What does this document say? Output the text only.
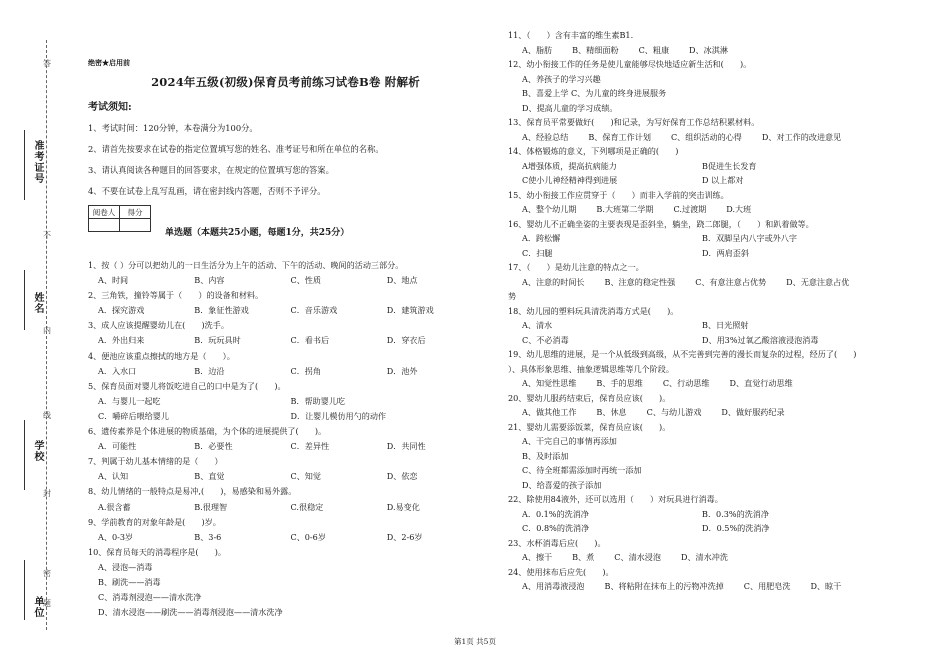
准考证号
姓名
学校
单位
答
不
内
线
封
密
题
绝密★启用前
2024年五级(初级)保育员考前练习试卷B卷 附解析
考试须知:
1、考试时间：120分钟，本卷满分为100分。
2、请首先按要求在试卷的指定位置填写您的姓名、准考证号和所在单位的名称。
3、请认真阅读各种题目的回答要求，在规定的位置填写您的答案。
4、不要在试卷上乱写乱画，请在密封线内答题，否则不予评分。
阅卷人	得分

单选题（本题共25小题，每题1分，共25分）
1、按（ ）分可以把幼儿的一日生活分为上午的活动、下午的活动、晚间的活动三部分。
A、时间	B、内容	C、性质	D、地点
2、三角铁，撞铃等属于（　　）的设备和材料。
A．探究游戏	B．象征性游戏	C．音乐游戏	D．建筑游戏
3、成人应该提醒婴幼儿在(　　)洗手。
A．外出归来	B．玩玩具时	C．看书后	D．穿衣后
4、便池应该重点擦拭的地方是（　　）。
A．入水口	B．边沿	C．拐角	D．池外
5、保育员面对婴儿将饭吃进自己的口中是为了(　　)。
A．与婴儿一起吃	B．帮助婴儿吃
C．嚼碎后喂给婴儿	D．让婴儿模仿用勺的动作
6、遗传素养是个体进展的物质基础，为个体的进展提供了(　　)。
A．可能性	B．必要性	C．差异性	D．共同性
7、判属于幼儿基本情绪的是（　　）
A、认知	B、直觉	C、知觉	D、依恋
8、幼儿情绪的一般特点是易冲,(　　)，易感染和易外露。
A.很含蓄	B.很理智	C.很稳定	D.易变化
9、学前教育的对象年龄是(　　)岁。
A、0-3岁	B、3-6	C、0-6岁	D、2-6岁
10、保育员每天的消毒程序是(　　)。
A、浸泡—消毒
B、刷洗——消毒
C、消毒剂浸泡——清水洗净
D、清水浸泡——刷洗——消毒剂浸泡——清水洗净
11、（　　）含有丰富的维生素B1.
A、脂肪 B、精细面粉 C、粗康 D、冰淇淋
12、幼小衔接工作的任务是使儿童能够尽快地适应新生活和(　　)。
A、养孩子的学习兴趣
B、喜爱上学 C、为儿童的终身进展服务
D、提高儿童的学习成绩。
13、保育员平常要做好(　　)和记录，为写好保育工作总结积累材料。
A、经验总结 B、保育工作计划 C、组织活动的心得 D、对工作的改进意见
14、体格锻炼的意义，下列哪项是正确的(　　)
A增强体质，提高抗病能力	B促进生长发育
C使小儿神经精神得到进展	D 以上都对
15、幼小衔接工作应贯穿于（　　）而非入学前的突击训练。
A、整个幼儿期 B.大班第二学期 C.过渡期 D.大班
16、婴幼儿不正确坐姿的主要表现是歪斜坐，躺坐，跷二郎腿，（　　）和趴着做等。
A．跨松懈	B．双脚呈内八字或外八字
C．扫腿	D．两肩歪斜
17、（　　）是幼儿注意的特点之一。
A、注意的时间长 B、注意的稳定性强 C、有意注意占优势 D、无意注意占优
势
18、幼儿园的塑料玩具清洗消毒方式是(　　)。
A、清水	B、日光照射
C、不必消毒	D、用3%过氧乙酸溶液浸泡消毒
19、幼儿思维的进展，是一个从低级到高级，从不完善到完善的漫长而复杂的过程，经历了(　　)
）、具体形象思维、抽象逻辑思维等几个阶段。
A、知觉性思维 B、手的思维 C、行动思维 D、直觉行动思维
20、婴幼儿服药结束后，保育员应该(　　)。
A、做其他工作 B、休息 C、与幼儿游戏 D、做好服药纪录
21、婴幼儿需要添饭菜，保育员应该(　　)。
A、干完自己的事情再添加
B、及时添加
C、待全班都需添加时再统一添加
D、给喜爱的孩子添加
22、除使用84液外，还可以选用（　　）对玩具进行消毒。
A．0.1%的洗消净	B．0.3%的洗消净
C．0.8%的洗消净	D．0.5%的洗消净
23、水杯消毒后应(　　)。
A、擦干 B、煮 C、清水浸泡 D、清水冲洗
24、使用抹布后应先(　　)。
A、用消毒液浸泡 B、将粘附在抹布上的污物冲洗掉 C、用肥皂洗 D、晾干
第1页 共5页
